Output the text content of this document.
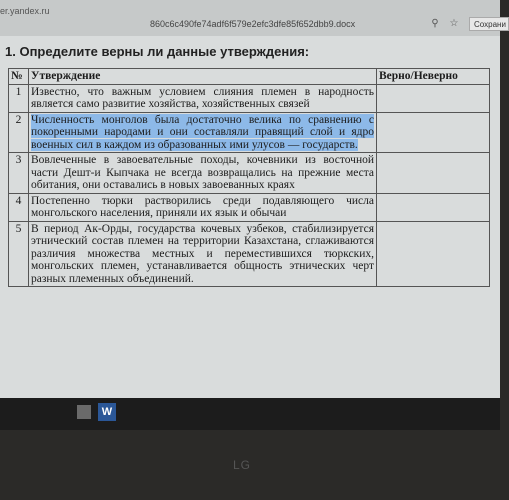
er.yandex.ru
860c6c490fe74adf6f579e2efc3dfe85f652dbb9.docx	⚲	☆	Сохрани
1. Определите верны ли данные утверждения:
№	Утверждение	Верно/Неверно
1	Известно, что важным условием слияния племен в народность является само развитие хозяйства, хозяйственных связей	
2	Численность монголов была достаточно велика по сравнению с покоренными народами и они составляли правящий слой и ядро военных сил в каждом из образованных ими улусов — государств.	
3	Вовлеченные в завоевательные походы, кочевники из восточной части Дешт-и Кыпчака не всегда возвращались на прежние места обитания, они оставались в новых завоеванных краях	
4	Постепенно тюрки растворились среди подавляющего числа монгольского населения, приняли их язык и обычаи	
5	В период Ак-Орды, государства кочевых узбеков, стабилизируется этнический состав племен на территории Казахстана, сглаживаются различия множества местных и переместившихся тюркских, монгольских племен, устанавливается общность этнических черт разных племенных объединений.	
W
LG
